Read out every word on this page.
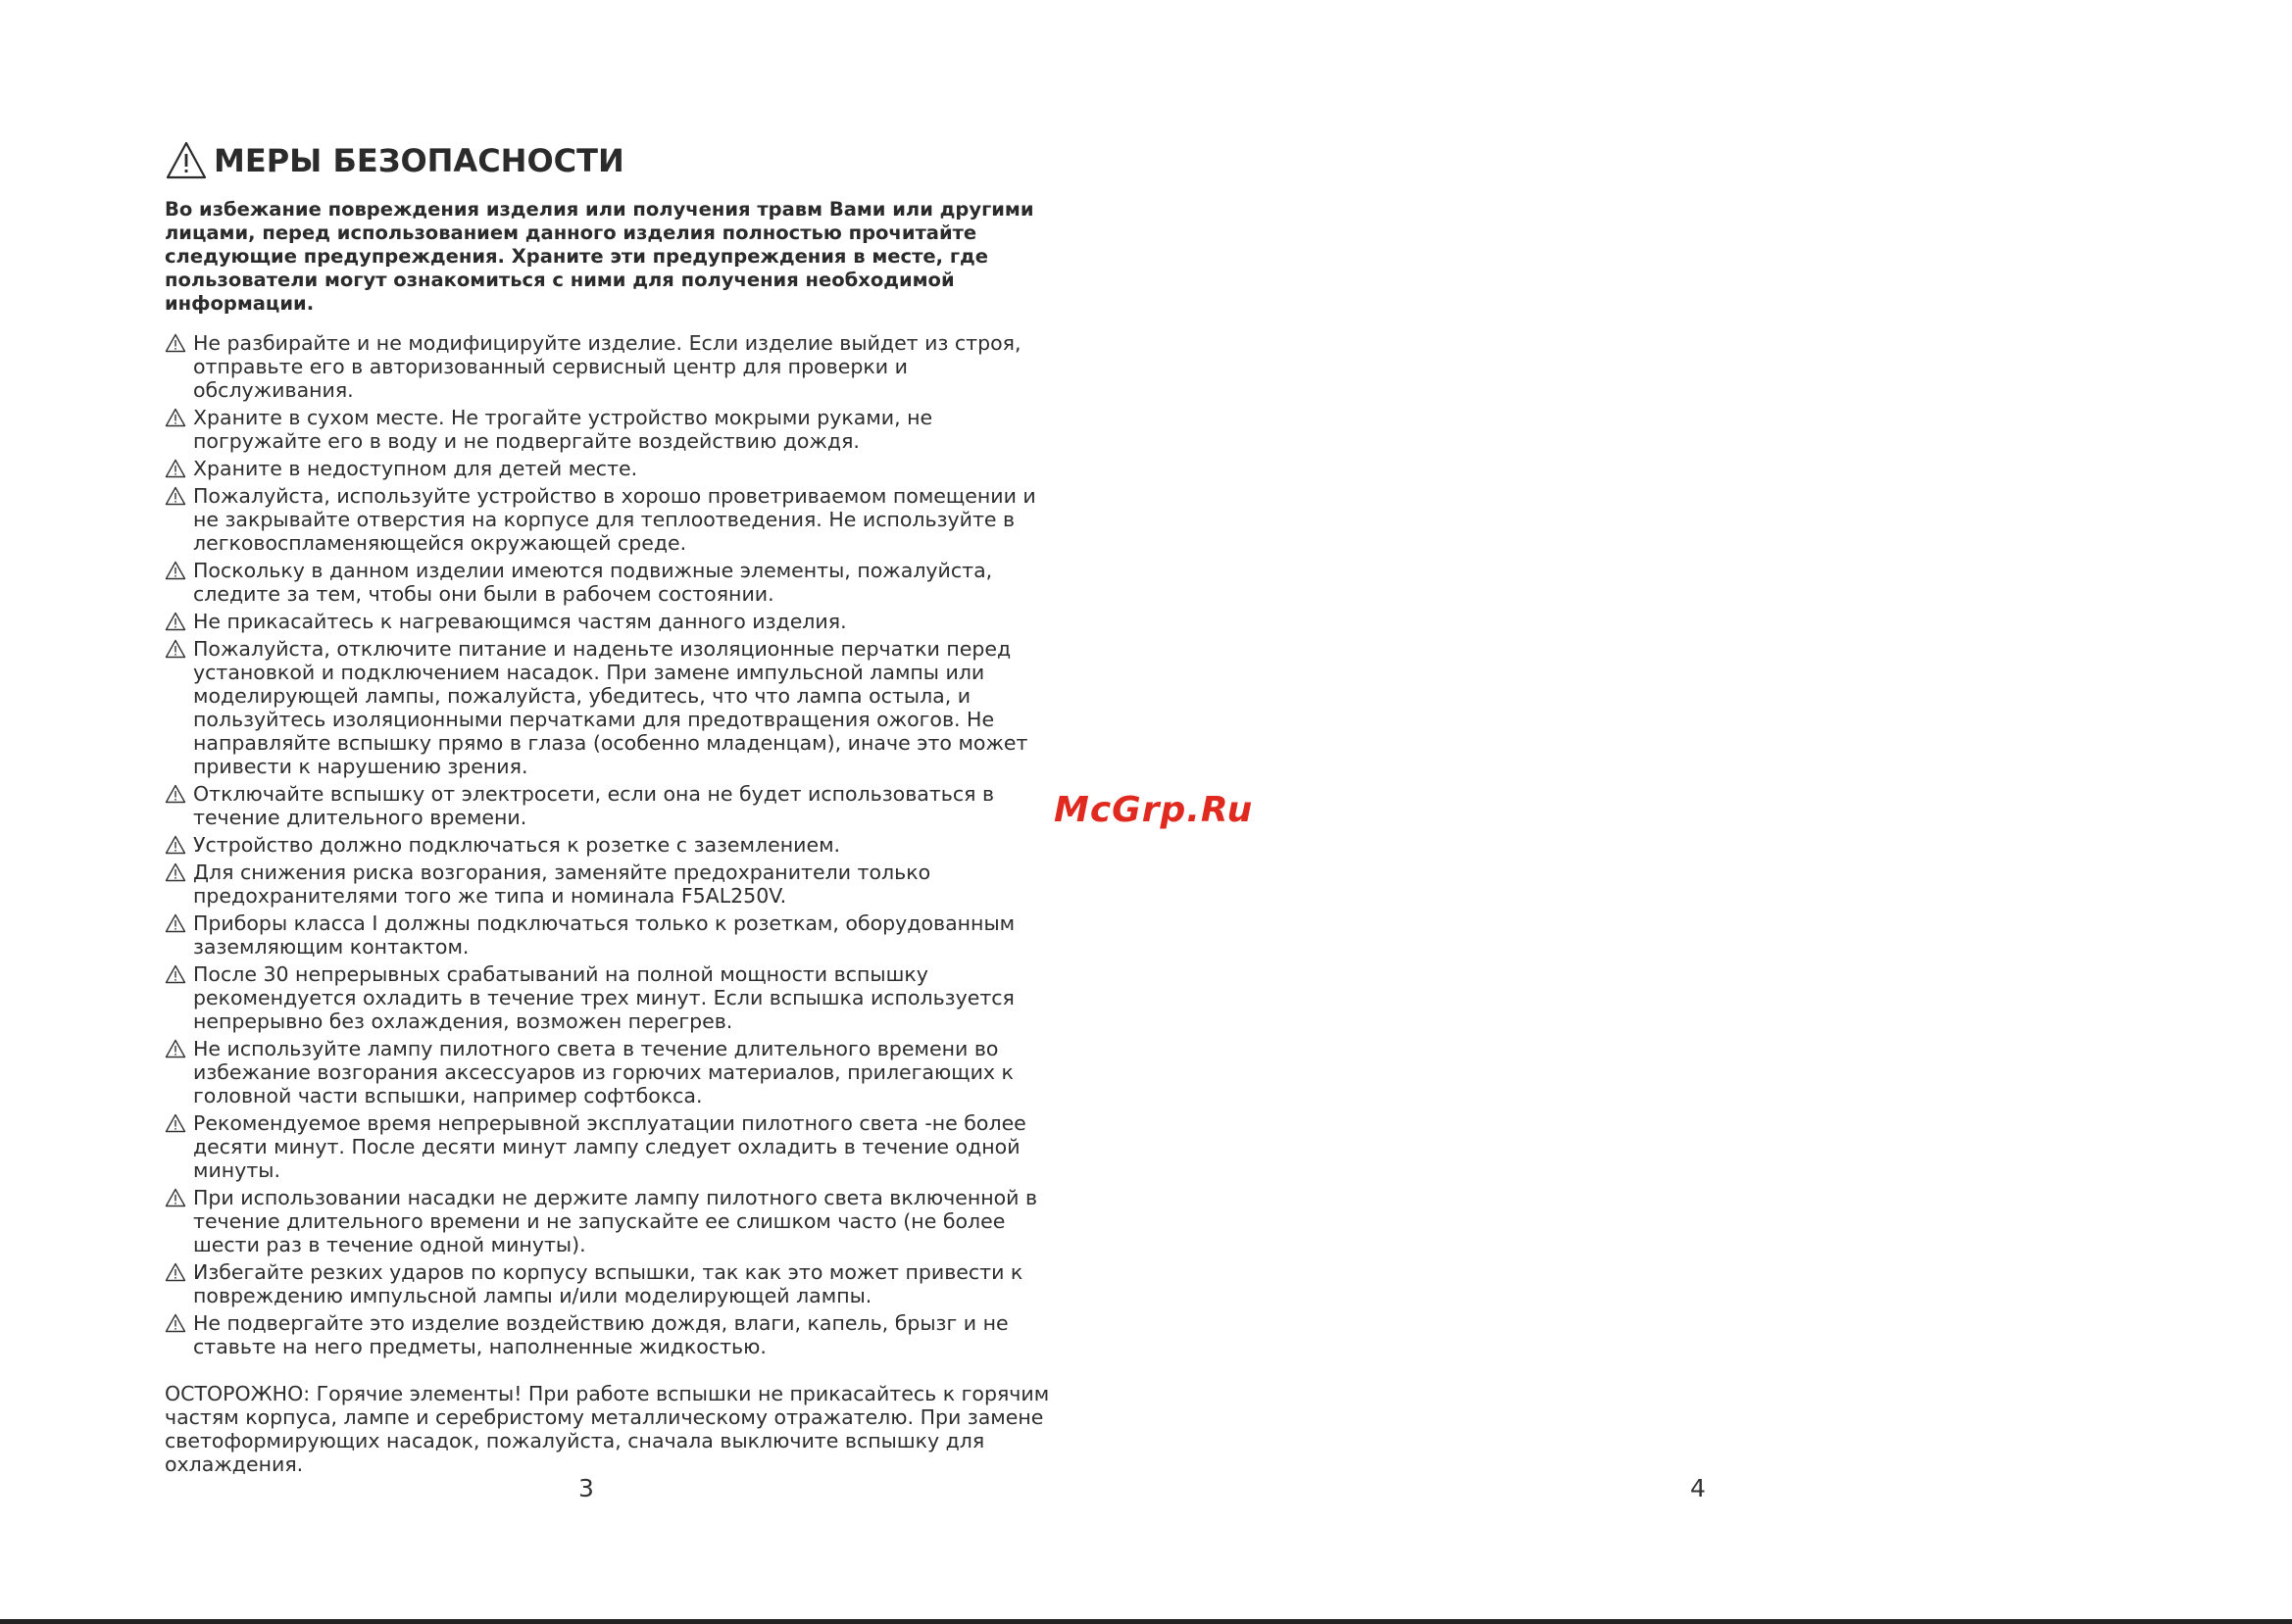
МЕРЫ БЕЗОПАСНОСТИ
Во избежание повреждения изделия или получения травм Вами или другими лицами, перед использованием данного изделия полностью прочитайте следующие предупреждения. Храните эти предупреждения в месте, где пользователи могут ознакомиться с ними для получения необходимой информации.
Не разбирайте и не модифицируйте изделие. Если изделие выйдет из строя, отправьте его в авторизованный сервисный центр для проверки и обслуживания.
Храните в сухом месте. Не трогайте устройство мокрыми руками, не погружайте его в воду и не подвергайте воздействию дождя.
Храните в недоступном для детей месте.
Пожалуйста, используйте устройство в хорошо проветриваемом помещении и не закрывайте отверстия на корпусе для теплоотведения. Не используйте в легковоспламеняющейся окружающей среде.
Поскольку в данном изделии имеются подвижные элементы, пожалуйста, следите за тем, чтобы они были в рабочем состоянии.
Не прикасайтесь к нагревающимся частям данного изделия.
Пожалуйста, отключите питание и наденьте изоляционные перчатки перед установкой и подключением насадок. При замене импульсной лампы или моделирующей лампы, пожалуйста, убедитесь, что что лампа остыла, и пользуйтесь изоляционными перчатками для предотвращения ожогов. Не направляйте вспышку прямо в глаза (особенно младенцам), иначе это может привести к нарушению зрения.
Отключайте вспышку от электросети, если она не будет использоваться в течение длительного времени.
Устройство должно подключаться к розетке с заземлением.
Для снижения риска возгорания, заменяйте предохранители только предохранителями того же типа и номинала F5AL250V.
Приборы класса I должны подключаться только к розеткам, оборудованным заземляющим контактом.
После 30 непрерывных срабатываний на полной мощности вспышку рекомендуется охладить в течение трех минут. Если вспышка используется непрерывно без охлаждения, возможен перегрев.
Не используйте лампу пилотного света в течение длительного времени во избежание возгорания аксессуаров из горючих материалов, прилегающих к головной части вспышки, например софтбокса.
Рекомендуемое время непрерывной эксплуатации пилотного света -не более десяти минут. После десяти минут лампу следует охладить в течение одной минуты.
При использовании насадки не держите лампу пилотного света включенной в течение длительного времени и не запускайте ее слишком часто (не более шести раз в течение одной минуты).
Избегайте резких ударов по корпусу вспышки, так как это может привести к повреждению импульсной лампы и/или моделирующей лампы.
Не подвергайте это изделие воздействию дождя, влаги, капель, брызг и не ставьте на него предметы, наполненные жидкостью.
ОСТОРОЖНО: Горячие элементы! При работе вспышки не прикасайтесь к горячим частям корпуса, лампе и серебристому металлическому отражателю. При замене светоформирующих насадок, пожалуйста, сначала выключите вспышку для охлаждения.
McGrp.Ru
3	4
